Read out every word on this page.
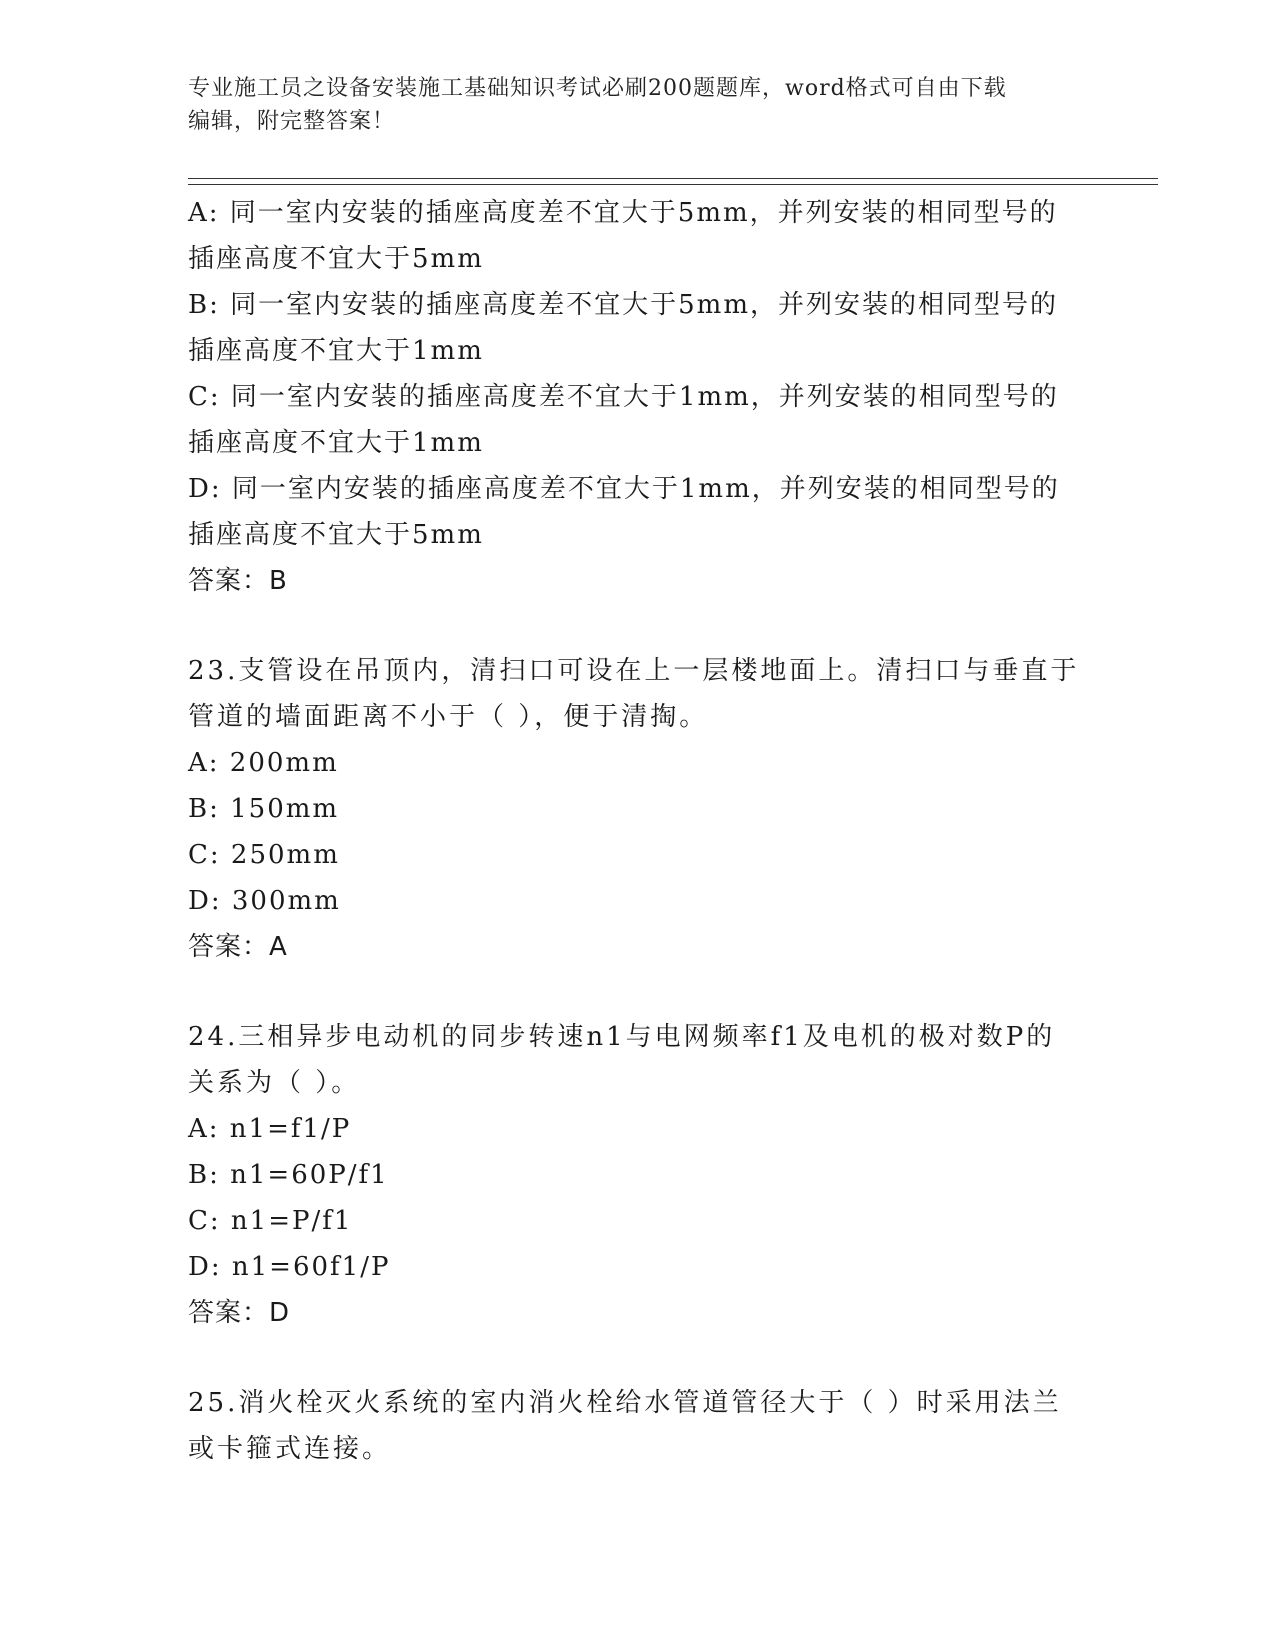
专业施工员之设备安装施工基础知识考试必刷200题题库，word格式可自由下载
编辑，附完整答案！
A: 同一室内安装的插座高度差不宜大于5mm，并列安装的相同型号的
插座高度不宜大于5mm
B: 同一室内安装的插座高度差不宜大于5mm，并列安装的相同型号的
插座高度不宜大于1mm
C: 同一室内安装的插座高度差不宜大于1mm，并列安装的相同型号的
插座高度不宜大于1mm
D: 同一室内安装的插座高度差不宜大于1mm，并列安装的相同型号的
插座高度不宜大于5mm
答案：B
23.支管设在吊顶内，清扫口可设在上一层楼地面上。清扫口与垂直于
管道的墙面距离不小于（ ），便于清掏。
A: 200mm
B: 150mm
C: 250mm
D: 300mm
答案：A
24.三相异步电动机的同步转速n1与电网频率f1及电机的极对数P的
关系为（ ）。
A: n1=f1/P
B: n1=60P/f1
C: n1=P/f1
D: n1=60f1/P
答案：D
25.消火栓灭火系统的室内消火栓给水管道管径大于（ ）时采用法兰
或卡箍式连接。
